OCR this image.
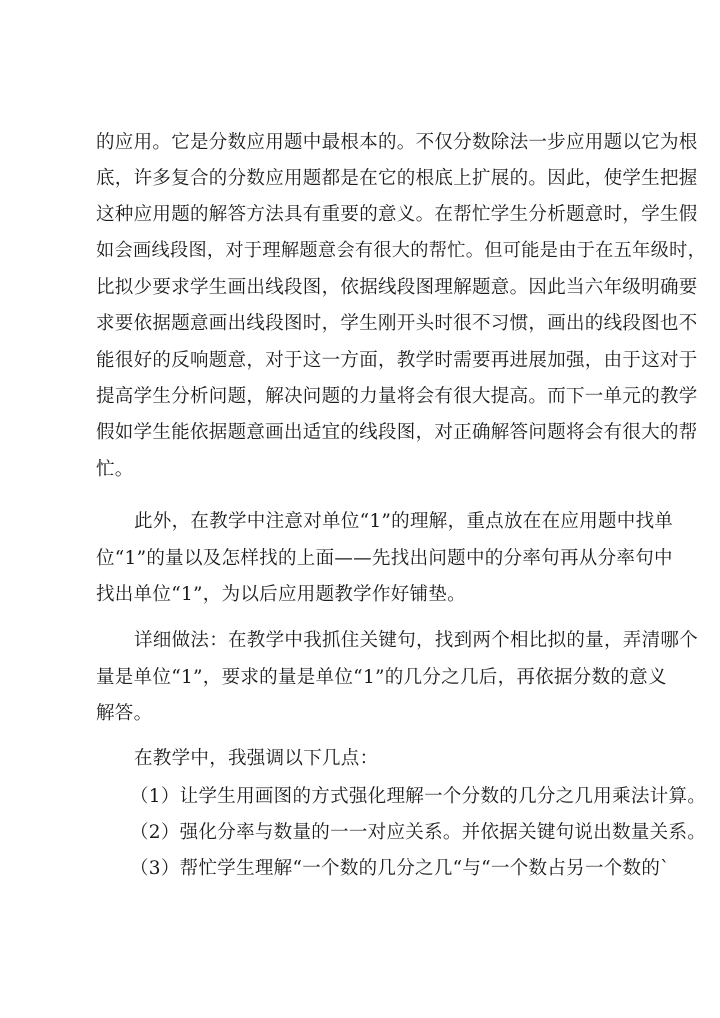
的应用。它是分数应用题中最根本的。不仅分数除法一步应用题以它为根
底，许多复合的分数应用题都是在它的根底上扩展的。因此，使学生把握
这种应用题的解答方法具有重要的意义。在帮忙学生分析题意时，学生假
如会画线段图，对于理解题意会有很大的帮忙。但可能是由于在五年级时，
比拟少要求学生画出线段图，依据线段图理解题意。因此当六年级明确要
求要依据题意画出线段图时，学生刚开头时很不习惯，画出的线段图也不
能很好的反响题意，对于这一方面，教学时需要再进展加强，由于这对于
提高学生分析问题，解决问题的力量将会有很大提高。而下一单元的教学
假如学生能依据题意画出适宜的线段图，对正确解答问题将会有很大的帮
忙。
此外，在教学中注意对单位“1”的理解，重点放在在应用题中找单
位“1”的量以及怎样找的上面——先找出问题中的分率句再从分率句中
找出单位“1”，为以后应用题教学作好铺垫。
详细做法：在教学中我抓住关键句，找到两个相比拟的量，弄清哪个
量是单位“1”，要求的量是单位“1”的几分之几后，再依据分数的意义
解答。
在教学中，我强调以下几点：
（1）让学生用画图的方式强化理解一个分数的几分之几用乘法计算。
（2）强化分率与数量的一一对应关系。并依据关键句说出数量关系。
（3）帮忙学生理解“一个数的几分之几“与“一个数占另一个数的`
